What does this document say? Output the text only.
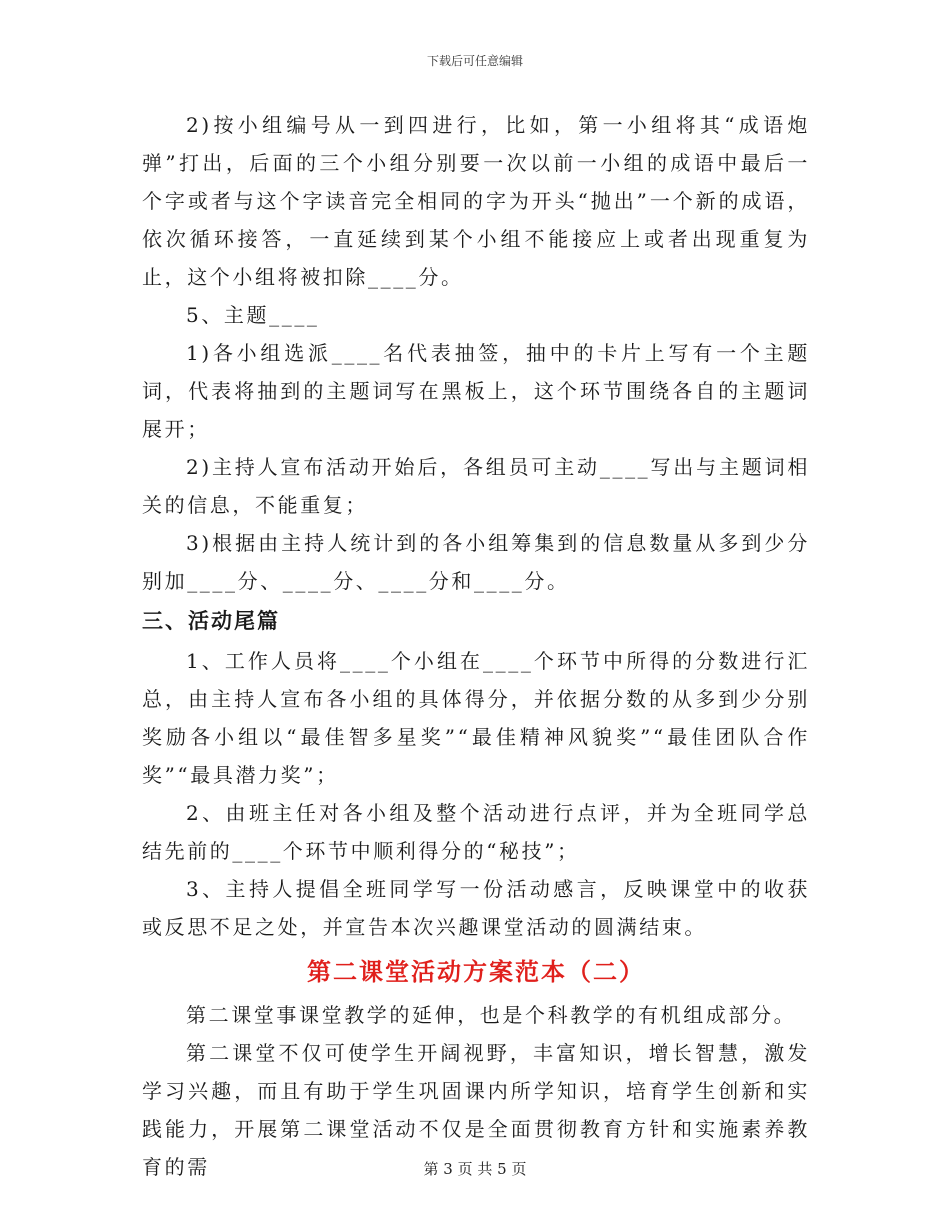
下载后可任意编辑

2)按小组编号从一到四进行，比如，第一小组将其“成语炮弹”打出，后面的三个小组分别要一次以前一小组的成语中最后一个字或者与这个字读音完全相同的字为开头“抛出”一个新的成语，依次循环接答，一直延续到某个小组不能接应上或者出现重复为止，这个小组将被扣除____分。

5、主题____

1)各小组选派____名代表抽签，抽中的卡片上写有一个主题词，代表将抽到的主题词写在黑板上，这个环节围绕各自的主题词展开；

2)主持人宣布活动开始后，各组员可主动____写出与主题词相关的信息，不能重复；

3)根据由主持人统计到的各小组筹集到的信息数量从多到少分别加____分、____分、____分和____分。

三、活动尾篇

1、工作人员将____个小组在____个环节中所得的分数进行汇总，由主持人宣布各小组的具体得分，并依据分数的从多到少分别奖励各小组以“最佳智多星奖”“最佳精神风貌奖”“最佳团队合作奖”“最具潜力奖”；

2、由班主任对各小组及整个活动进行点评，并为全班同学总结先前的____个环节中顺利得分的“秘技”；

3、主持人提倡全班同学写一份活动感言，反映课堂中的收获或反思不足之处，并宣告本次兴趣课堂活动的圆满结束。

第二课堂活动方案范本（二）

第二课堂事课堂教学的延伸，也是个科教学的有机组成部分。

第二课堂不仅可使学生开阔视野，丰富知识，增长智慧，激发学习兴趣，而且有助于学生巩固课内所学知识，培育学生创新和实践能力，开展第二课堂活动不仅是全面贯彻教育方针和实施素养教育的需	第 3 页 共 5 页
